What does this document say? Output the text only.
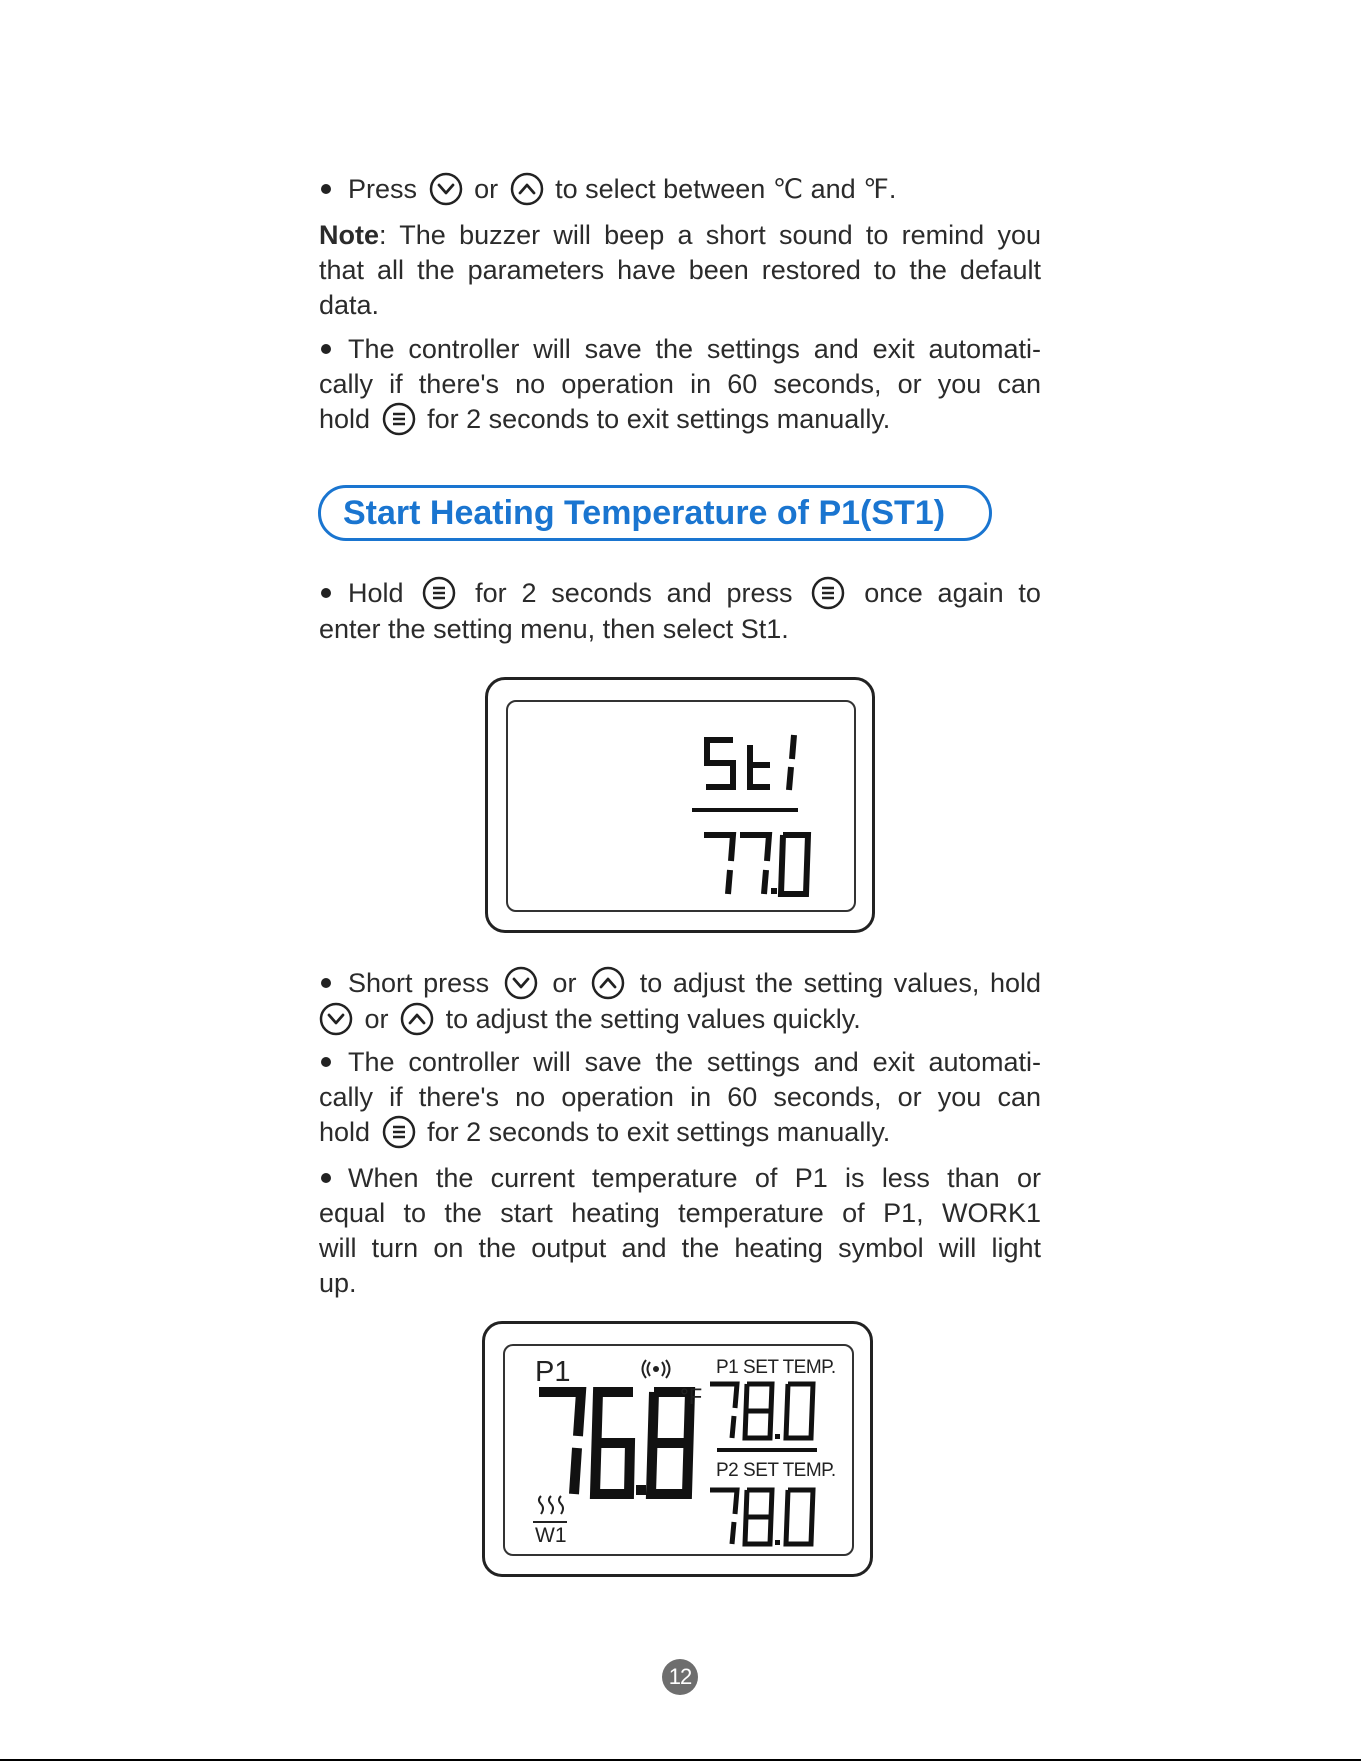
Press or to select between ℃ and ℉.
Note: The buzzer will beep a short sound to remind you
that all the parameters have been restored to the default
data.
The controller will save the settings and exit automati-
cally if there's no operation in 60 seconds, or you can
hold for 2 seconds to exit settings manually.
Start Heating Temperature of P1(ST1)
Hold	for 2 seconds and press	once again to
enter the setting menu, then select St1.
Short press or to adjust the setting values, hold
or to adjust the setting values quickly.
The controller will save the settings and exit automati-
cally if there's no operation in 60 seconds, or you can
hold for 2 seconds to exit settings manually.
When the current temperature of P1 is less than or
equal to the start heating temperature of P1, WORK1
will turn on the output and the heating symbol will light
up.
P1	P1 SET TEMP.
°F
P2 SET TEMP.
W1
12
